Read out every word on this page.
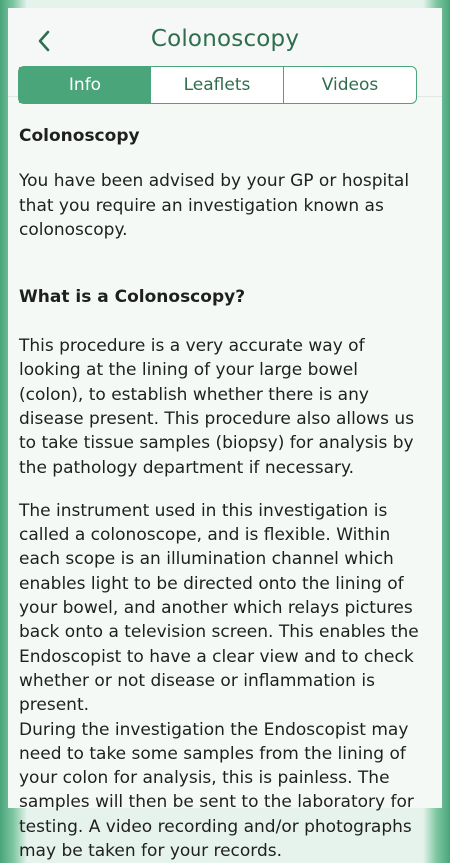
Colonoscopy
Info	Leaflets	Videos

Colonoscopy

You have been advised by your GP or hospital that you require an investigation known as colonoscopy.

What is a Colonoscopy?

This procedure is a very accurate way of looking at the lining of your large bowel (colon), to establish whether there is any disease present. This procedure also allows us to take tissue samples (biopsy) for analysis by the pathology department if necessary.

The instrument used in this investigation is called a colonoscope, and is flexible. Within each scope is an illumination channel which enables light to be directed onto the lining of your bowel, and another which relays pictures back onto a television screen. This enables the Endoscopist to have a clear view and to check whether or not disease or inflammation is present.

During the investigation the Endoscopist may need to take some samples from the lining of your colon for analysis, this is painless. The samples will then be sent to the laboratory for testing. A video recording and/or photographs may be taken for your records.
